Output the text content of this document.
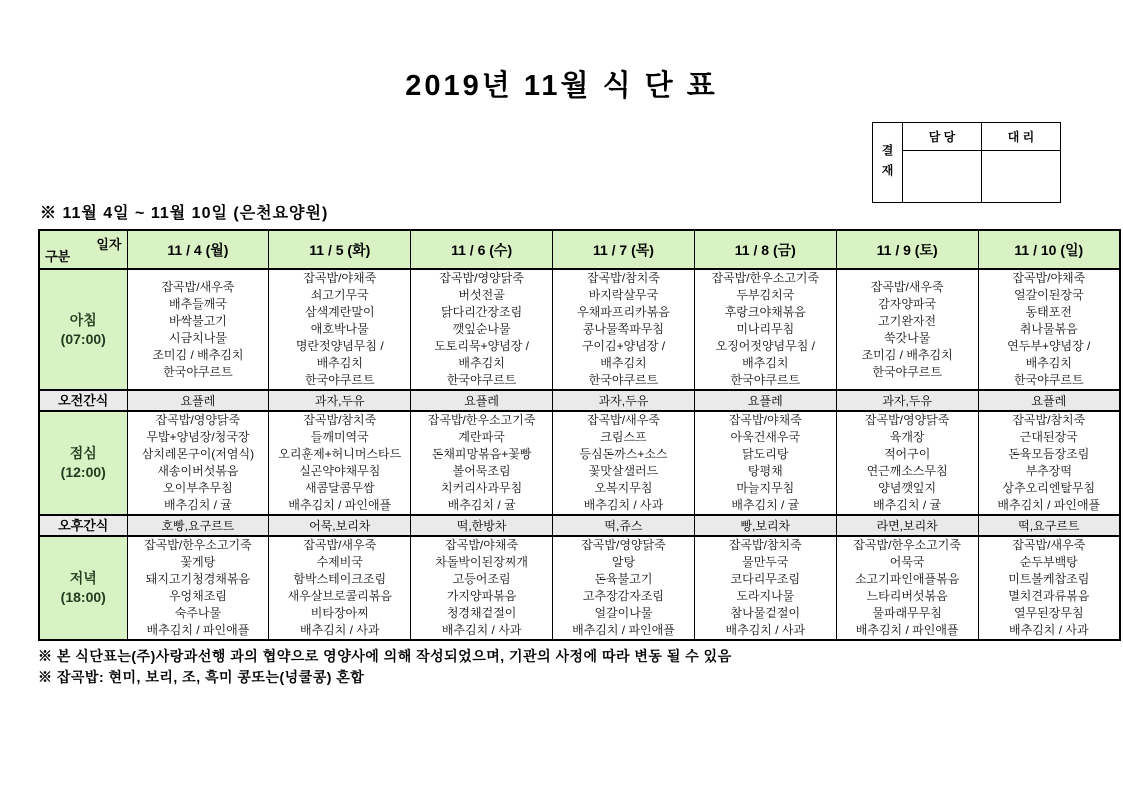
2019년 11월 식 단 표
결재	담 당	대 리

※ 11월 4일 ~ 11월 10일 (은천요양원)
일자
구분	11 / 4 (월)	11 / 5 (화)	11 / 6 (수)	11 / 7 (목)	11 / 8 (금)	11 / 9 (토)	11 / 10 (일)

아침
(07:00)

잡곡밥/새우죽
배추들깨국
바싹불고기
시금치나물
조미김 / 배추김치
한국야쿠르트

잡곡밥/야채죽
쇠고기무국
삼색계란말이
애호박나물
명란젓양념무침 /
배추김치
한국야쿠르트

잡곡밥/영양닭죽
버섯전골
닭다리간장조림
깻잎순나물
도토리묵+양념장 /
배추김치
한국야쿠르트

잡곡밥/참치죽
바지락살무국
우채파프리카볶음
콩나물쪽파무침
구이김+양념장 /
배추김치
한국야쿠르트

잡곡밥/한우소고기죽
두부김치국
후랑크야채볶음
미나리무침
오징어젓양념무침 /
배추김치
한국야쿠르트

잡곡밥/새우죽
감자양파국
고기완자전
쑥갓나물
조미김 / 배추김치
한국야쿠르트

잡곡밥/야채죽
얼갈이된장국
동태포전
취나물볶음
연두부+양념장 /
배추김치
한국야쿠르트

오전간식	요플레	과자,두유	요플레	과자,두유	요플레	과자,두유	요플레

점심
(12:00)

잡곡밥/영양닭죽
무밥+양념장/청국장
삼치레몬구이(저염식)
새송이버섯볶음
오이부추무침
배추김치 / 귤

잡곡밥/참치죽
들깨미역국
오리훈제+허니머스타드
실곤약야채무침
새콤달콤무쌈
배추김치 / 파인애플

잡곡밥/한우소고기죽
계란파국
돈채피망볶음+꽃빵
볼어묵조림
치커리사과무침
배추김치 / 귤

잡곡밥/새우죽
크림스프
등심돈까스+소스
꽃맛살샐러드
오복지무침
배추김치 / 사과

잡곡밥/야채죽
아욱건새우국
닭도리탕
탕평채
마늘지무침
배추김치 / 귤

잡곡밥/영양닭죽
육개장
적어구이
연근깨소스무침
양념깻잎지
배추김치 / 귤

잡곡밥/참치죽
근대된장국
돈육모듬장조림
부추장떡
상추오리엔탈무침
배추김치 / 파인애플

오후간식	호빵,요구르트	어묵,보리차	떡,한방차	떡,쥬스	빵,보리차	라면,보리차	떡,요구르트

저녁
(18:00)

잡곡밥/한우소고기죽
꽃게탕
돼지고기청경채볶음
우엉채조림
숙주나물
배추김치 / 파인애플

잡곡밥/새우죽
수제비국
함박스테이크조림
새우살브로콜리볶음
비타장아찌
배추김치 / 사과

잡곡밥/야채죽
차돌박이된장찌개
고등어조림
가지양파볶음
청경채겉절이
배추김치 / 사과

잡곡밥/영양닭죽
알탕
돈육불고기
고추장감자조림
얼갈이나물
배추김치 / 파인애플

잡곡밥/참치죽
물만두국
코다리무조림
도라지나물
참나물겉절이
배추김치 / 사과

잡곡밥/한우소고기죽
어묵국
소고기파인애플볶음
느타리버섯볶음
물파래무무침
배추김치 / 파인애플

잡곡밥/새우죽
순두부백탕
미트볼케찹조림
멸치견과류볶음
열무된장무침
배추김치 / 사과
※ 본 식단표는(주)사랑과선행 과의 협약으로 영양사에 의해 작성되었으며, 기관의 사정에 따라 변동 될 수 있음
※ 잡곡밥: 현미, 보리, 조, 흑미 콩또는(넝쿨콩) 혼합
